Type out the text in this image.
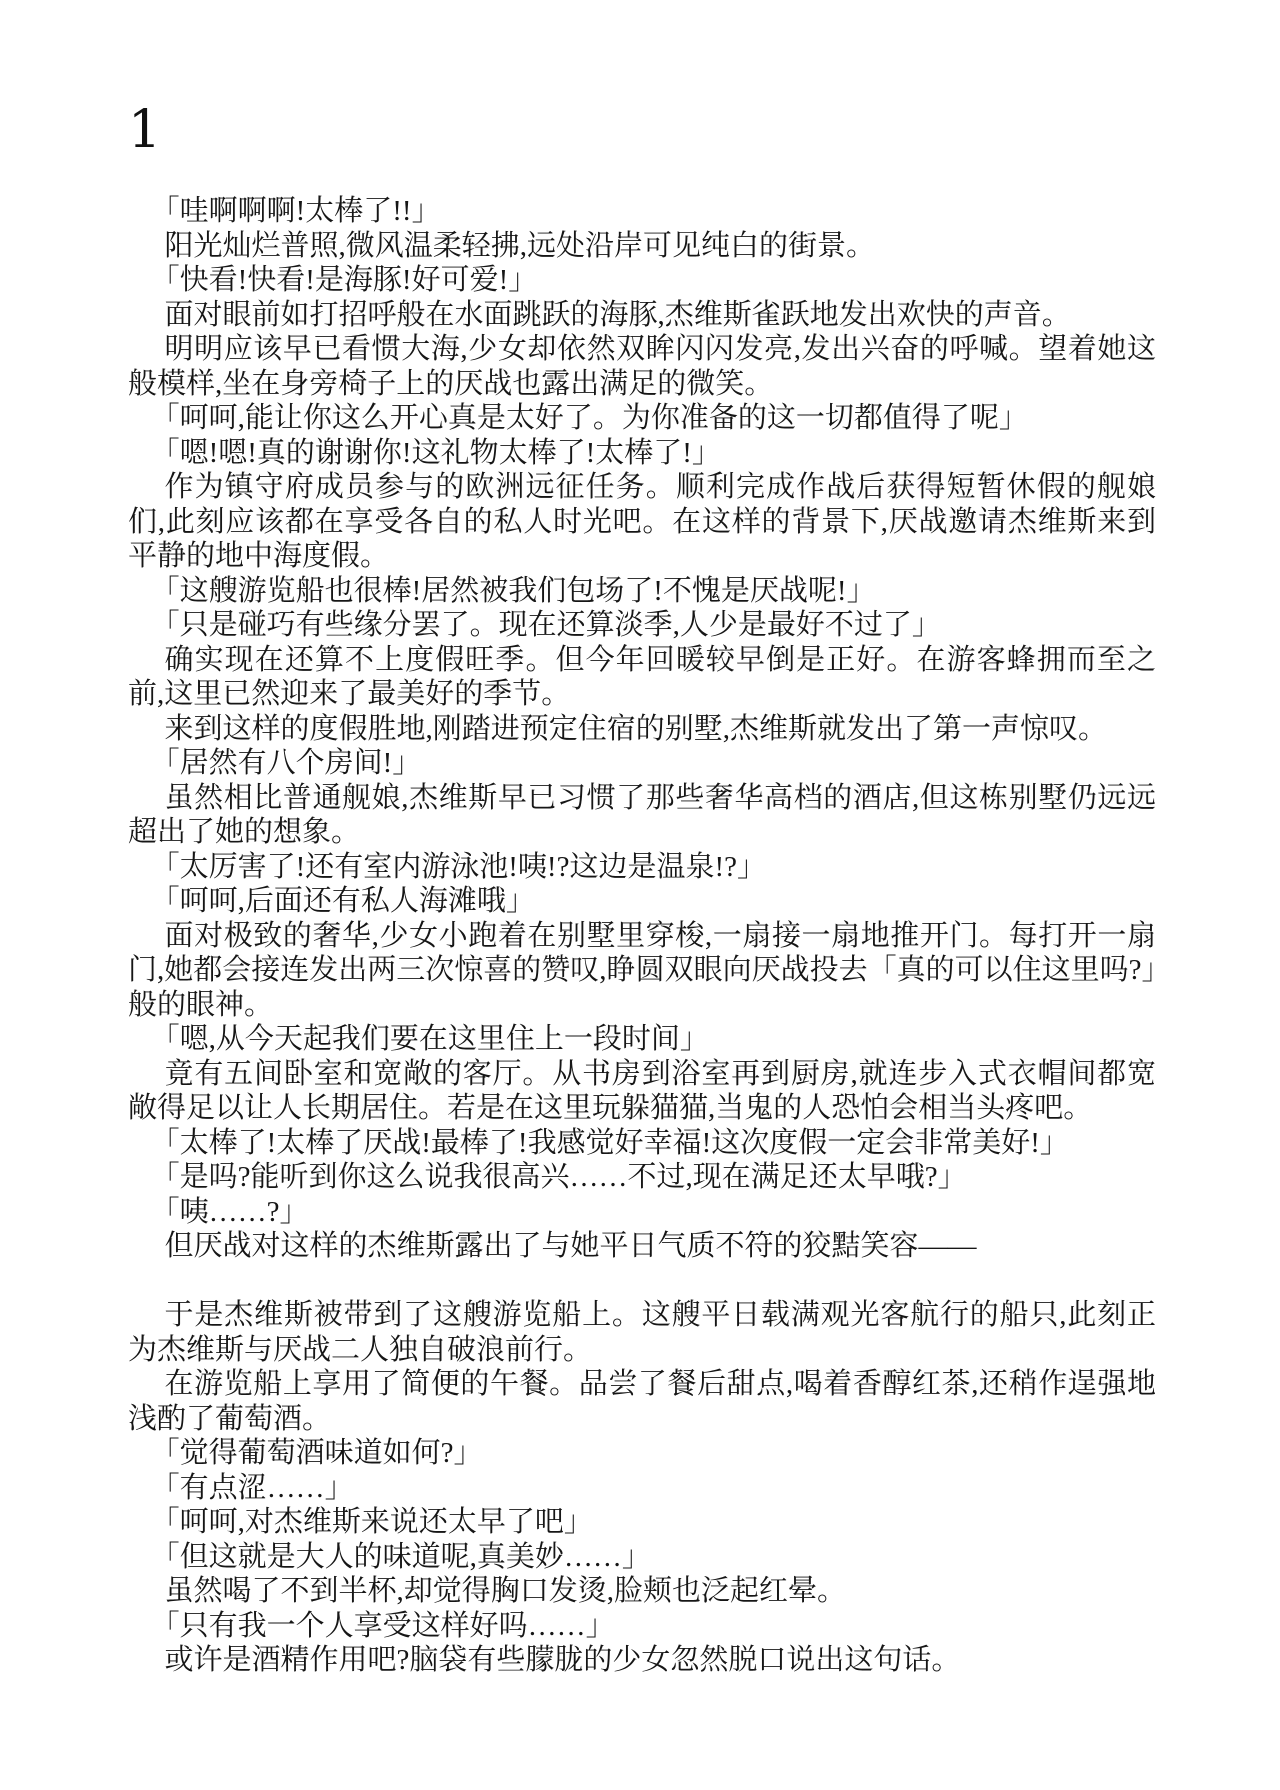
1

「哇啊啊啊!太棒了!!」

阳光灿烂普照,微风温柔轻拂,远处沿岸可见纯白的街景。

「快看!快看!是海豚!好可爱!」

面对眼前如打招呼般在水面跳跃的海豚,杰维斯雀跃地发出欢快的声音。

明明应该早已看惯大海,少女却依然双眸闪闪发亮,发出兴奋的呼喊。望着她这般模样,坐在身旁椅子上的厌战也露出满足的微笑。

「呵呵,能让你这么开心真是太好了。为你准备的这一切都值得了呢」

「嗯!嗯!真的谢谢你!这礼物太棒了!太棒了!」

作为镇守府成员参与的欧洲远征任务。顺利完成作战后获得短暂休假的舰娘们,此刻应该都在享受各自的私人时光吧。在这样的背景下,厌战邀请杰维斯来到平静的地中海度假。

「这艘游览船也很棒!居然被我们包场了!不愧是厌战呢!」

「只是碰巧有些缘分罢了。现在还算淡季,人少是最好不过了」

确实现在还算不上度假旺季。但今年回暖较早倒是正好。在游客蜂拥而至之前,这里已然迎来了最美好的季节。

来到这样的度假胜地,刚踏进预定住宿的别墅,杰维斯就发出了第一声惊叹。

「居然有八个房间!」

虽然相比普通舰娘,杰维斯早已习惯了那些奢华高档的酒店,但这栋别墅仍远远超出了她的想象。

「太厉害了!还有室内游泳池!咦!?这边是温泉!?」

「呵呵,后面还有私人海滩哦」

面对极致的奢华,少女小跑着在别墅里穿梭,一扇接一扇地推开门。每打开一扇门,她都会接连发出两三次惊喜的赞叹,睁圆双眼向厌战投去「真的可以住这里吗?」般的眼神。

「嗯,从今天起我们要在这里住上一段时间」

竟有五间卧室和宽敞的客厅。从书房到浴室再到厨房,就连步入式衣帽间都宽敞得足以让人长期居住。若是在这里玩躲猫猫,当鬼的人恐怕会相当头疼吧。

「太棒了!太棒了厌战!最棒了!我感觉好幸福!这次度假一定会非常美好!」

「是吗?能听到你这么说我很高兴……不过,现在满足还太早哦?」

「咦……?」

但厌战对这样的杰维斯露出了与她平日气质不符的狡黠笑容——

于是杰维斯被带到了这艘游览船上。这艘平日载满观光客航行的船只,此刻正为杰维斯与厌战二人独自破浪前行。

在游览船上享用了简便的午餐。品尝了餐后甜点,喝着香醇红茶,还稍作逞强地浅酌了葡萄酒。

「觉得葡萄酒味道如何?」

「有点涩……」

「呵呵,对杰维斯来说还太早了吧」

「但这就是大人的味道呢,真美妙……」

虽然喝了不到半杯,却觉得胸口发烫,脸颊也泛起红晕。

「只有我一个人享受这样好吗……」

或许是酒精作用吧?脑袋有些朦胧的少女忽然脱口说出这句话。
